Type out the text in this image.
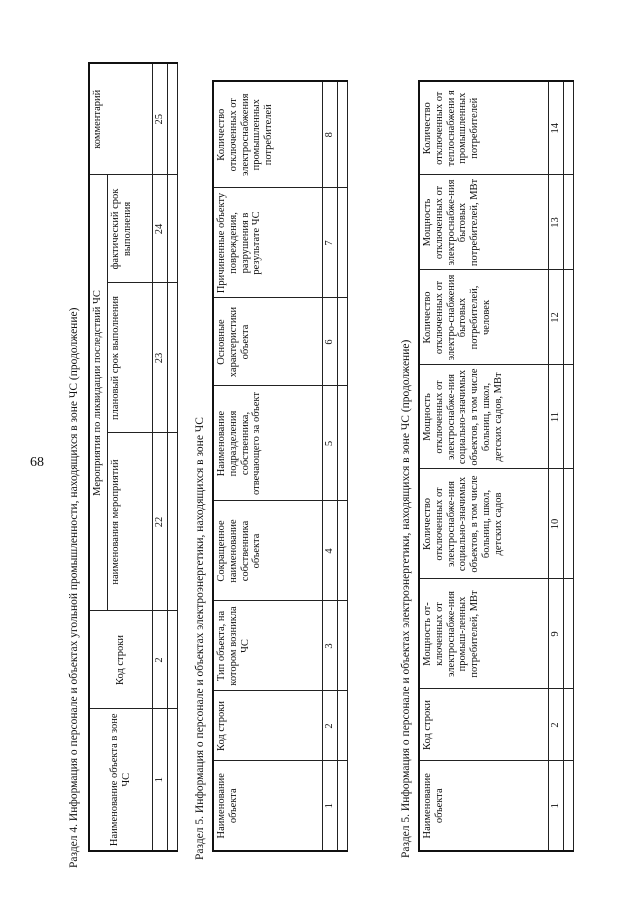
68 Раздел 4. Информация о персонале и объектах угольной промышленности, находящихся в зоне ЧС (продолжение)	Наименование объекта в зоне ЧС	Код строки	Мероприятия по ликвидации последствий ЧС			комментарий
		наименования мероприятий	плановый срок выполнения	фактический срок выполнения	
1	2	22	23	24	25

Раздел 5. Информация о персонале и объектах электроэнергетики, находящихся в зоне ЧС Наименование объекта	Код строки	Тип объекта, на котором возникла ЧС	Сокращенное наименование собственника объекта	Наименование подразделения собственника, отвечающего за объект	Основные характеристики объекта	Причиненные объекту повреждения, разрушения в результате ЧС	Количество отключенных от электроснабжения промышленных потребителей
1	2	3	4	5	6	7	8

Раздел 5. Информация о персонале и объектах электроэнергетики, находящихся в зоне ЧС (продолжение) Наименование объекта	Код строки	Мощность от-ключенных от электроснабже-ния промыш-ленных потребителей, МВт	Количество отключенных от электроснабже-ния социально-значимых объектов, в том числе больниц, школ, детских садов	Мощность отключенных от электроснабже-ния социально-значимых объектов, в том числе больниц, школ, детских садов, МВт	Количество отключенных от электро-снабжения бытовых потребителей, человек	Мощность отключенных от электроснабже-ния бытовых потребителей, МВт	Количество отключенных от теплоснабжени я промышленных потребителей
1	2	9	10	11	12	13	14
